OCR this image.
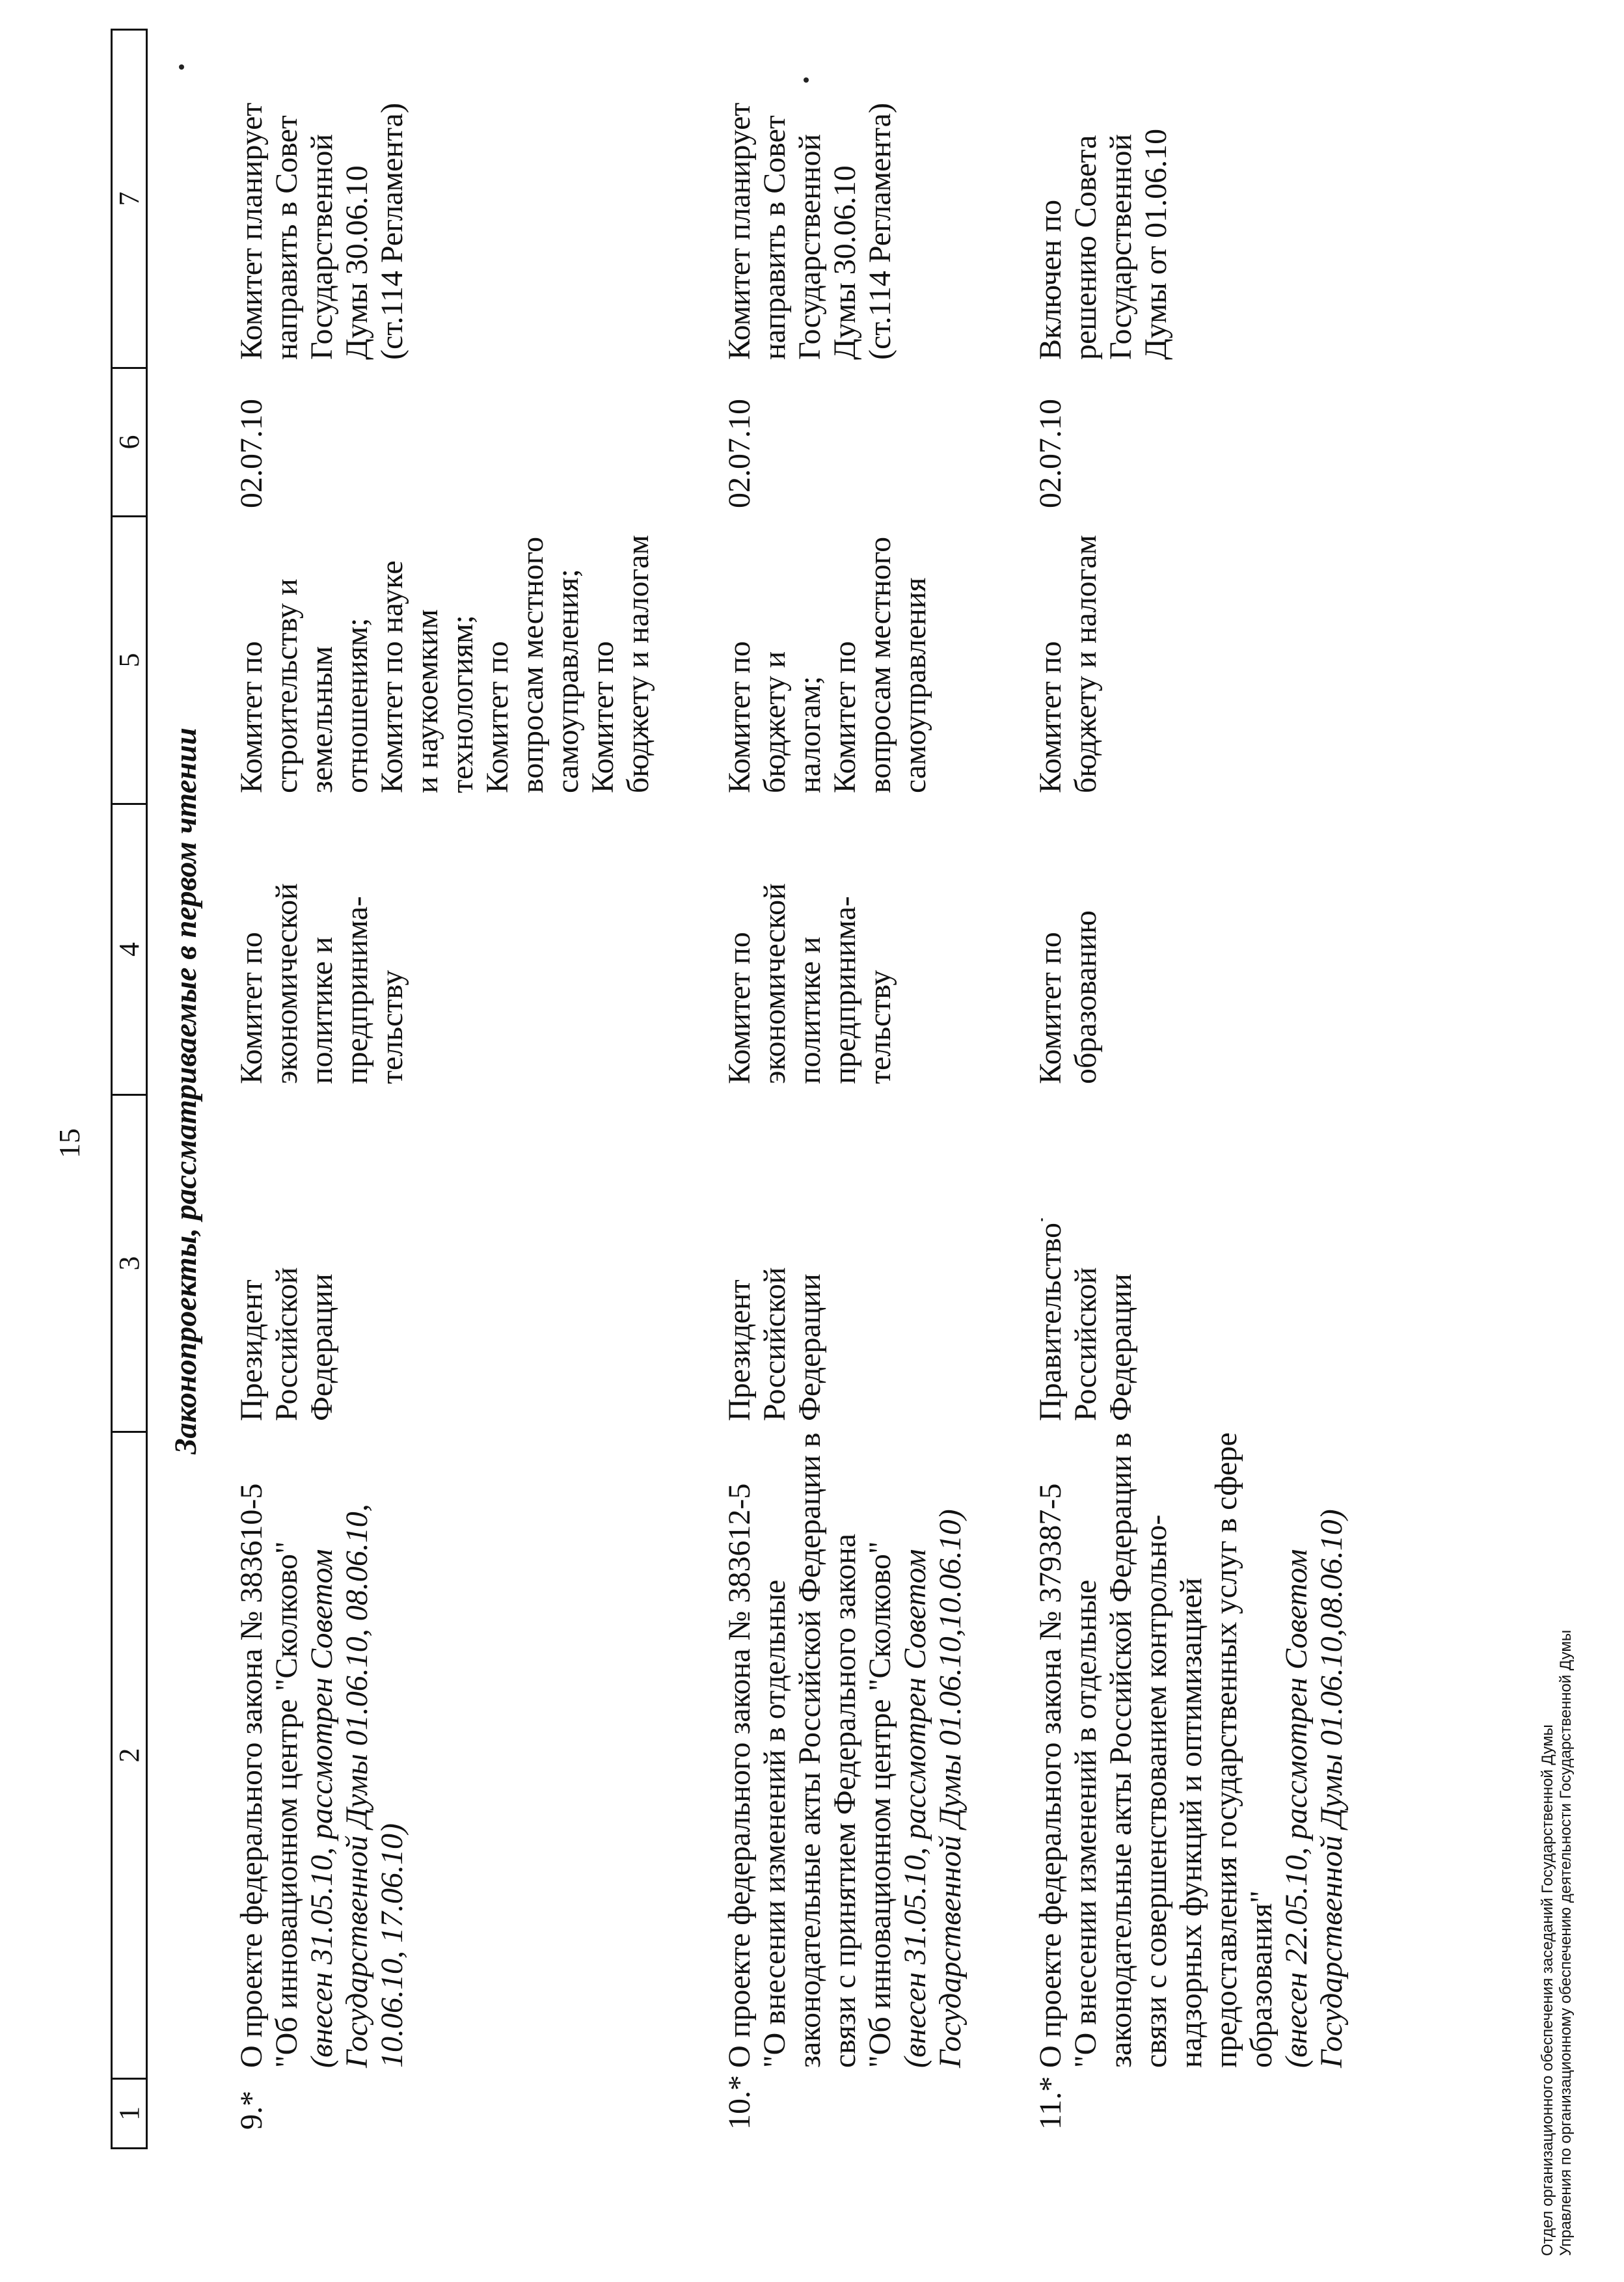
15
1
2
3
4
5
6
7
Законопроекты, рассматриваемые в первом чтении
9.*
О проекте федерального закона № 383610-5
"Об инновационном центре "Сколково"
(внесен 31.05.10, рассмотрен Советом Государственной Думы 01.06.10, 08.06.10, 10.06.10, 17.06.10)
Президент
Российской
Федерации
Комитет по
экономической
политике и
предпринима-
тельству
Комитет по
строительству и
земельным
отношениям;
Комитет по науке
и наукоемким
технологиям;
Комитет по
вопросам местного
самоуправления;
Комитет по
бюджету и налогам
02.07.10
Комитет планирует
направить в Совет
Государственной
Думы 30.06.10
(ст.114 Регламента)
10.*
О проекте федерального закона № 383612-5
"О внесении изменений в отдельные
законодательные акты Российской Федерации в
связи с принятием Федерального закона
"Об инновационном центре "Сколково"
(внесен 31.05.10, рассмотрен Советом Государственной Думы 01.06.10,10.06.10)
Президент
Российской
Федерации
Комитет по
экономической
политике и
предпринима-
тельству
Комитет по
бюджету и
налогам;
Комитет по
вопросам местного
самоуправления
02.07.10
Комитет планирует
направить в Совет
Государственной
Думы 30.06.10
(ст.114 Регламента)
11.*
О проекте федерального закона № 379387-5
"О внесении изменений в отдельные
законодательные акты Российской Федерации в
связи с совершенствованием контрольно-
надзорных функций и оптимизацией
предоставления государственных услуг в сфере
образования"
(внесен 22.05.10, рассмотрен Советом Государственной Думы 01.06.10,08.06.10)
Правительство
Российской
Федерации
Комитет по
образованию
Комитет по
бюджету и налогам
02.07.10
Включен по
решению Совета
Государственной
Думы от 01.06.10
Отдел организационного обеспечения заседаний Государственной Думы Управления по организационному обеспечению деятельности Государственной Думы
